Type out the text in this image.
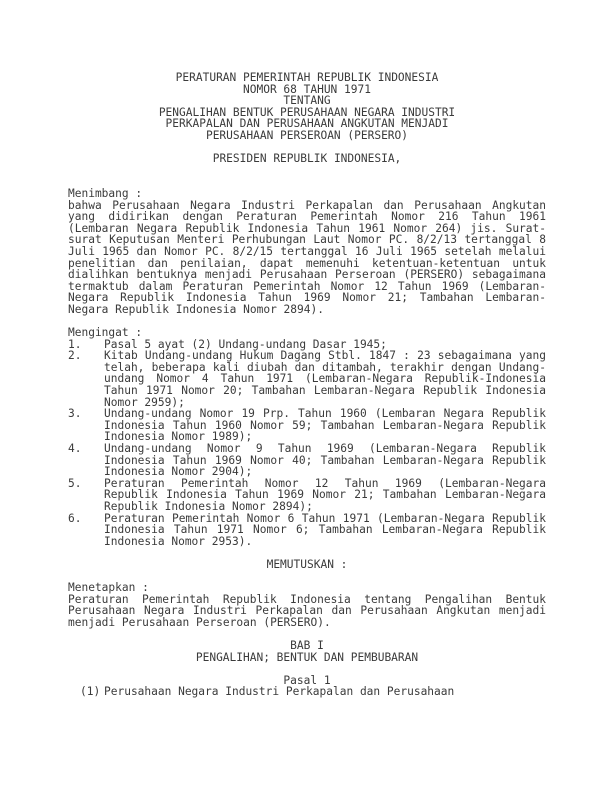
PERATURAN PEMERINTAH REPUBLIK INDONESIA
NOMOR 68 TAHUN 1971
TENTANG
PENGALIHAN BENTUK PERUSAHAAN NEGARA INDUSTRI
PERKAPALAN DAN PERUSAHAAN ANGKUTAN MENJADI
PERUSAHAAN PERSEROAN (PERSERO)
PRESIDEN REPUBLIK INDONESIA,
Menimbang :
bahwa Perusahaan Negara Industri Perkapalan dan Perusahaan Angkutan yang didirikan dengan Peraturan Pemerintah Nomor 216 Tahun 1961 (Lembaran Negara Republik Indonesia Tahun 1961 Nomor 264) jis. Surat-surat Keputusan Menteri Perhubungan Laut Nomor PC. 8/2/13 tertanggal 8 Juli 1965 dan Nomor PC. 8/2/15 tertanggal 16 Juli 1965 setelah melalui penelitian dan penilaian, dapat memenuhi ketentuan-ketentuan untuk dialihkan bentuknya menjadi Perusahaan Perseroan (PERSERO) sebagaimana termaktub dalam Peraturan Pemerintah Nomor 12 Tahun 1969 (Lembaran-Negara Republik Indonesia Tahun 1969 Nomor 21; Tambahan Lembaran-Negara Republik Indonesia Nomor 2894).
Mengingat :
1. Pasal 5 ayat (2) Undang-undang Dasar 1945;
2. Kitab Undang-undang Hukum Dagang Stbl. 1847 : 23 sebagaimana yang telah, beberapa kali diubah dan ditambah, terakhir dengan Undang-undang Nomor 4 Tahun 1971 (Lembaran-Negara Republik-Indonesia Tahun 1971 Nomor 20; Tambahan Lembaran-Negara Republik Indonesia Nomor 2959);
3. Undang-undang Nomor 19 Prp. Tahun 1960 (Lembaran Negara Republik Indonesia Tahun 1960 Nomor 59; Tambahan Lembaran-Negara Republik Indonesia Nomor 1989);
4. Undang-undang Nomor 9 Tahun 1969 (Lembaran-Negara Republik Indonesia Tahun 1969 Nomor 40; Tambahan Lembaran-Negara Republik Indonesia Nomor 2904);
5. Peraturan Pemerintah Nomor 12 Tahun 1969 (Lembaran-Negara Republik Indonesia Tahun 1969 Nomor 21; Tambahan Lembaran-Negara Republik Indonesia Nomor 2894);
6. Peraturan Pemerintah Nomor 6 Tahun 1971 (Lembaran-Negara Republik Indonesia Tahun 1971 Nomor 6; Tambahan Lembaran-Negara Republik Indonesia Nomor 2953).
MEMUTUSKAN :
Menetapkan :
Peraturan Pemerintah Republik Indonesia tentang Pengalihan Bentuk Perusahaan Negara Industri Perkapalan dan Perusahaan Angkutan menjadi menjadi Perusahaan Perseroan (PERSERO).
BAB I
PENGALIHAN; BENTUK DAN PEMBUBARAN
Pasal 1
(1) Perusahaan Negara Industri Perkapalan dan Perusahaan
